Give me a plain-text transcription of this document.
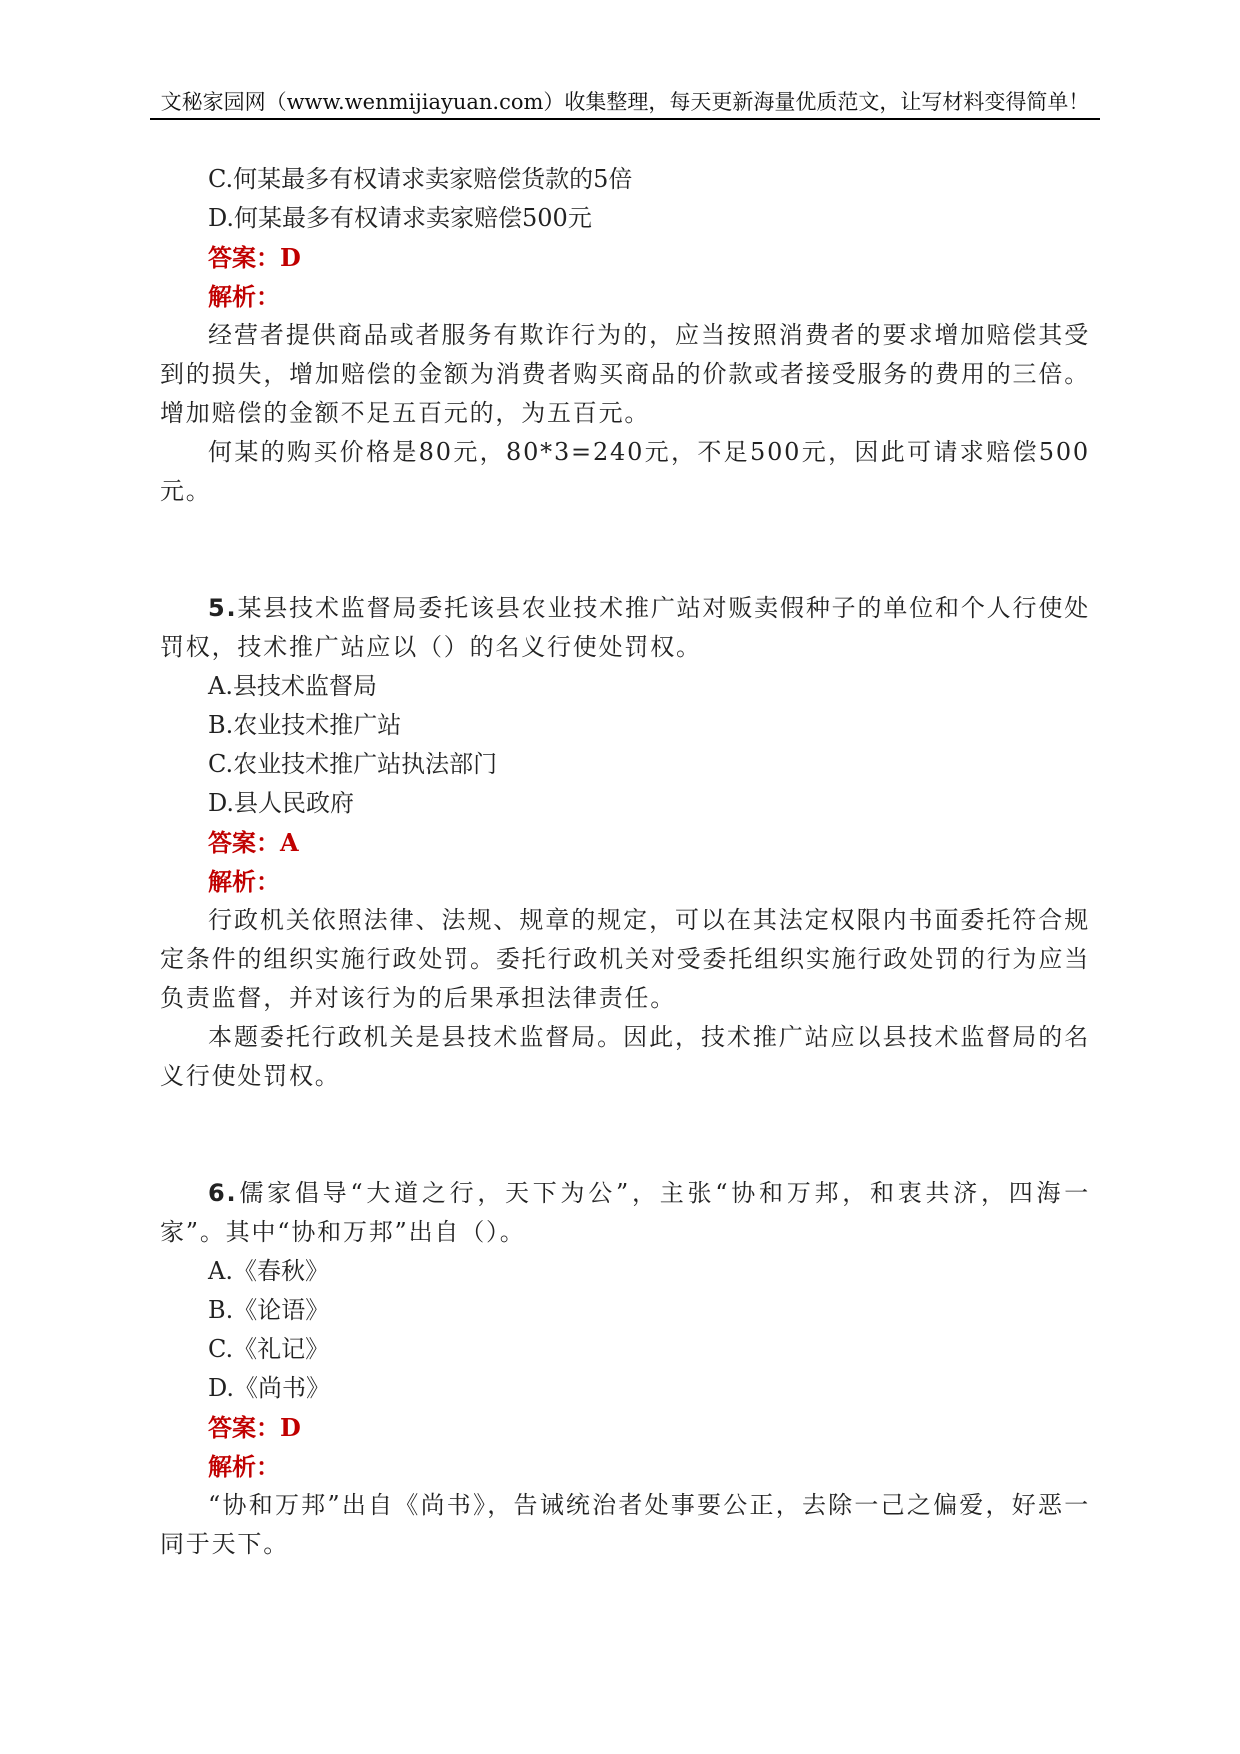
文秘家园网（www.wenmijiayuan.com）收集整理，每天更新海量优质范文，让写材料变得简单！

C.何某最多有权请求卖家赔偿货款的5倍

D.何某最多有权请求卖家赔偿500元

答案：D

解析：

经营者提供商品或者服务有欺诈行为的，应当按照消费者的要求增加赔偿其受到的损失，增加赔偿的金额为消费者购买商品的价款或者接受服务的费用的三倍。增加赔偿的金额不足五百元的，为五百元。

何某的购买价格是80元，80*3=240元，不足500元，因此可请求赔偿500元。

5.某县技术监督局委托该县农业技术推广站对贩卖假种子的单位和个人行使处罚权，技术推广站应以（）的名义行使处罚权。

A.县技术监督局

B.农业技术推广站

C.农业技术推广站执法部门

D.县人民政府

答案：A

解析：

行政机关依照法律、法规、规章的规定，可以在其法定权限内书面委托符合规定条件的组织实施行政处罚。委托行政机关对受委托组织实施行政处罚的行为应当负责监督，并对该行为的后果承担法律责任。

本题委托行政机关是县技术监督局。因此，技术推广站应以县技术监督局的名义行使处罚权。

6.儒家倡导“大道之行，天下为公”，主张“协和万邦，和衷共济，四海一家”。其中“协和万邦”出自（）。

A.《春秋》

B.《论语》

C.《礼记》

D.《尚书》

答案：D

解析：

“协和万邦”出自《尚书》，告诫统治者处事要公正，去除一己之偏爱，好恶一同于天下。
